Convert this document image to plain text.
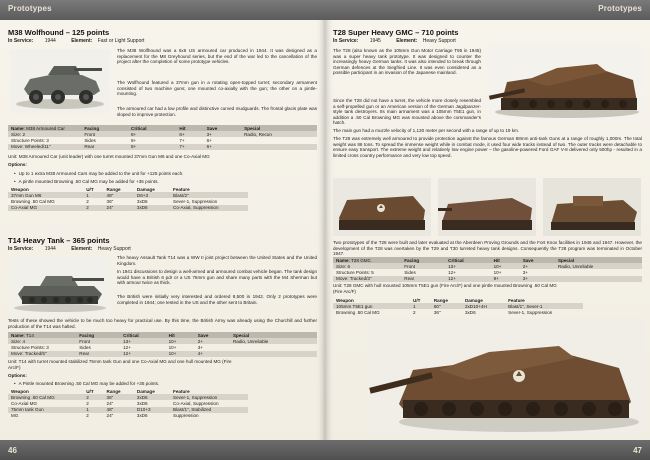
Prototypes
M38 Wolfhound – 125 points
In Service: 1944	Element: Fast or Light Support
The M38 Wolfhound was a 6x6 US armoured car produced in 1944. It was designed as a replacement for the M8 Greyhound series, but the end of the war led to the cancellation of the project after the completion of some prototype vehicles.
The Wolfhound featured a 37mm gun in a rotating open-topped turret; secondary armament consisted of two machine guns; one mounted co-axially with the gun; the other on a pintle-mounting.
The armoured car had a low profile and distinctive curved mudguards. The frontal glacis plate was sloped to improve protection.
Name: M38 Armoured Car		Facing	Critical	Hit	Save	Special
Size: 2		Front	8+	8+	3+	Radio, Recon
Structure Points: 3		Sides	8+	7+	6+	
Move: Wheeled/11"		Rear	8+	7+	6+	
Unit: M38 Armoured Car (unit leader) with one turret mounted 37mm Gun M6 and one Co-Axial MG
Options:
• Up to 1 extra M38 Armoured Cars may be added to the unit for +125 points each.
• A pintle mounted Browning .50 Cal MG may be added for +35 points.
Weapon	U/T	Range	Damage	Feature
37mm Gun M6	1	48"	D6+3	Blast/2"
Browning .50 Cal MG	2	36"	3xD6	Sever-1, Suppression
Co-Axial MG	2	24"	3xD6	Co-Axial, Suppression
T14 Heavy Tank – 365 points
In Service: 1944	Element: Heavy Support
The heavy Assault Tank T14 was a WW II joint project between the United States and the United Kingdom.
In 1941 discussions to design a well-armed and armoured combat vehicle began. The tank design would have a British 6 pdr or a US 75mm gun and share many parts with the M4 Sherman but with armour twice as thick.
The British were initially very interested and ordered 8,500 in 1942. Only 2 prototypes were completed in 1944; one tested in the US and the other sent to Britain.
Tests of these showed the vehicle to be much too heavy for practical use. By this time, the British Army was already using the Churchill and further production of the T14 was halted.
Name: T14		Facing	Critical	Hit	Save	Special
Size: 4		Front	13+	10+	2+	Radio, Unreliable
Structure Points: 3		Sides	12+	10+	3+	
Move: Tracked/5"		Rear	12+	10+	4+	
Unit: T14 with turret mounted stabilized 75mm tank Gun and one Co-Axial MG and one hull mounted MG (Fire Arc/F)
Options:
• A Pintle mounted Browning .50 Cal MG may be added for +35 points.
Weapon	U/T	Range	Damage	Feature
Browning .50 Cal MG	2	36"	3xD6	Sever-1, Suppression
Co-Axial MG	2	24"	3xD6	Co-Axial, Suppression
75mm tank Gun	1	48"	D10+3	Blast/1", Stabilized
MG	2	24"	3xD6	Suppression
46
Prototypes
T28 Super Heavy GMC – 710 points
In Service: 1945	Element: Heavy Support
The T28 (also known as the 105mm Gun Motor Carriage T95 in 1945) was a super heavy tank prototype. It was designed to counter the increasingly heavy German tanks. It was also intended to break through German defences at the Siegfried Line. It was even considered as a possible participant in an invasion of the Japanese mainland.
Since the T28 did not have a turret, the vehicle more closely resembled a self-propelled gun or an American version of the German Jagdpanzer-style tank destroyers. Its main armament was a 105mm T5E1 gun, in addition a .50 Cal Browning MG was mounted above the commander's hatch.
The main gun had a muzzle velocity of 1,130 meter per second with a range of up to 19 km.
The T28 was extremely well armoured to provide protection against the famous German 88mm anti-tank Guns at a range of roughly 1,000m. The total weight was 86 tons. To spread the immense weight while in combat mode, it used four wide tracks instead of two. The outer tracks were detachable to ensure easy transport. The extreme weight and relatively low engine power – the gasoline-powered Ford GAF V-8 delivered only 500hp - resulted in a limited cross country performance and very low top speed.
Two prototypes of the T28 were built and later evaluated at the Aberdeen Proving Grounds and the Fort Knox facilities in 1946 and 1947. However, the development of the T28 was overtaken by the T29 and T30 turreted heavy tank designs. Consequently the T28 program was terminated in October 1947.
Name: T28 GMC		Facing	Critical	Hit	Save	Special
Size: 6		Front	13+	10+	2+	Radio, Unreliable
Structure Points: 5		Sides	12+	10+	3+	
Move: Tracked/3"		Rear	12+	9+	3+	
Unit: T28 GMC with hull mounted 105mm T5E1 gun (Fire Arc/F) and one pintle mounted Browning .50 Cal MG (Fire Arc/F)
Weapon	U/T	Range	Damage	Feature
105mm T5E1 gun	1	60"	2xD10+4H	Blast/1", Sever-1
Browning .50 Cal MG	2	36"	3xD6	Sever-1, Suppression
47
